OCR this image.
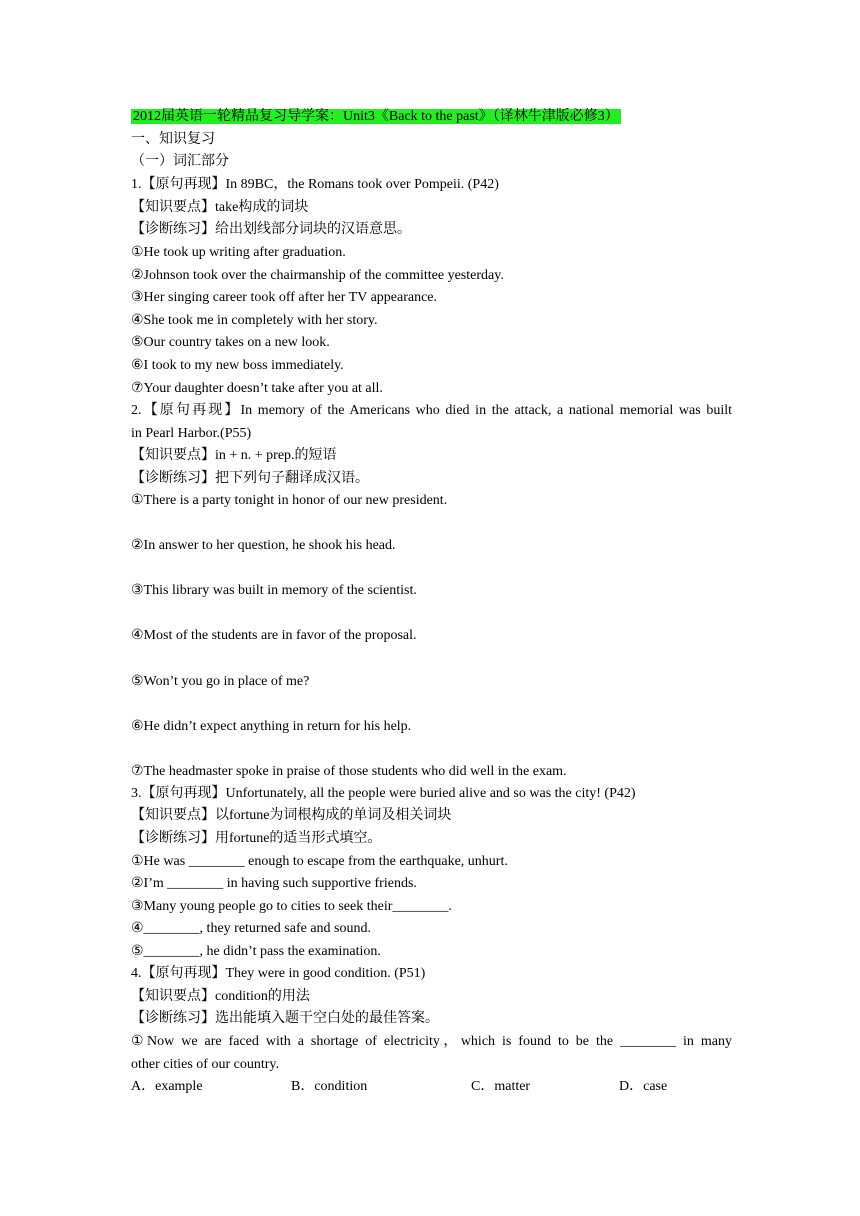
2012届英语一轮精品复习导学案：Unit3《Back to the past》（译林牛津版必修3）
一、知识复习
（一）词汇部分
1.【原句再现】In 89BC，the Romans took over Pompeii. (P42)
【知识要点】take构成的词块
【诊断练习】给出划线部分词块的汉语意思。
①He took up writing after graduation.
②Johnson took over the chairmanship of the committee yesterday.
③Her singing career took off after her TV appearance.
④She took me in completely with her story.
⑤Our country takes on a new look.
⑥I took to my new boss immediately.
⑦Your daughter doesn’t take after you at all.
2.【原句再现】In memory of the Americans who died in the attack, a national memorial was built
in Pearl Harbor.(P55)
【知识要点】in + n. + prep.的短语
【诊断练习】把下列句子翻译成汉语。
①There is a party tonight in honor of our new president.
②In answer to her question, he shook his head.
③This library was built in memory of the scientist.
④Most of the students are in favor of the proposal.
⑤Won’t you go in place of me?
⑥He didn’t expect anything in return for his help.
⑦The headmaster spoke in praise of those students who did well in the exam.
3.【原句再现】Unfortunately, all the people were buried alive and so was the city! (P42)
【知识要点】以fortune为词根构成的单词及相关词块
【诊断练习】用fortune的适当形式填空。
①He was ________ enough to escape from the earthquake, unhurt.
②I’m ________ in having such supportive friends.
③Many young people go to cities to seek their________.
④________, they returned safe and sound.
⑤________, he didn’t pass the examination.
4.【原句再现】They were in good condition. (P51)
【知识要点】condition的用法
【诊断练习】选出能填入题干空白处的最佳答案。
①Now we are faced with a shortage of electricity，which is found to be the ________ in many
other cities of our country.
A．example	B．condition	C．matter	D．case
